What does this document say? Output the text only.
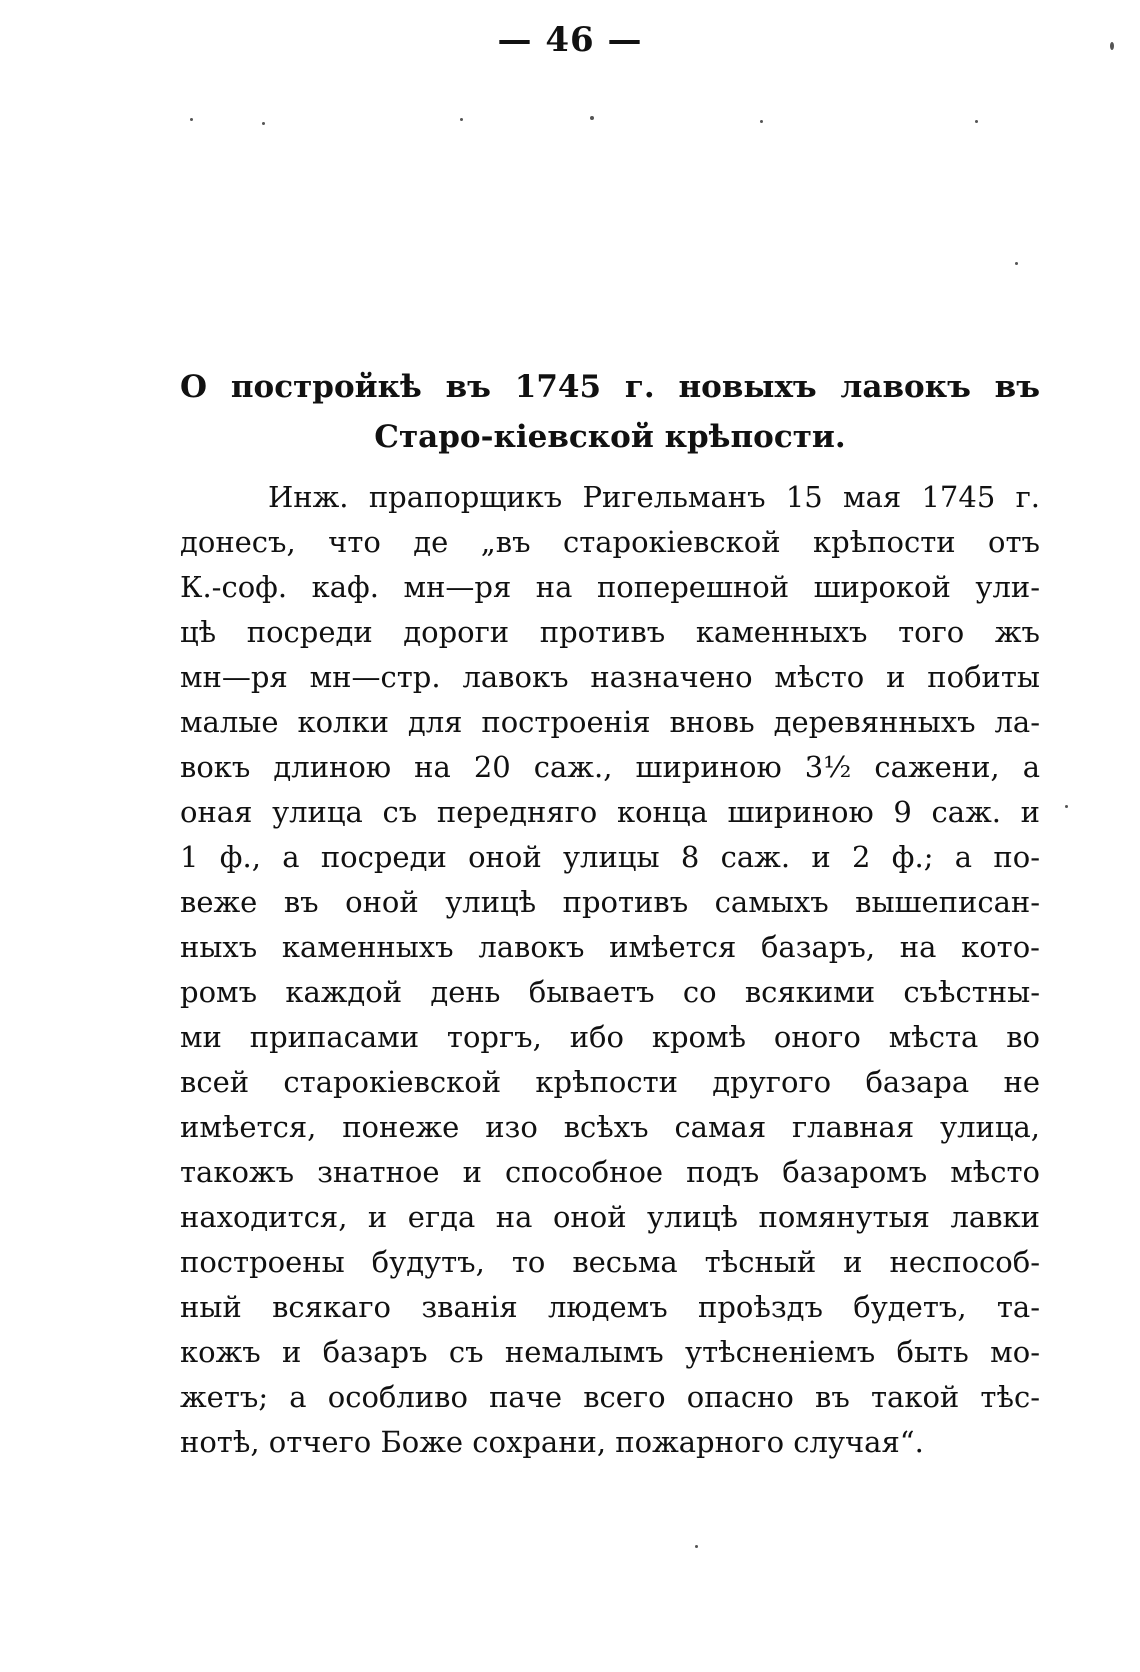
— 46 —
О постройкѣ въ 1745 г. новыхъ лавокъ въ
Старо-кіевской крѣпости.
Инж. прапорщикъ Ригельманъ 15 мая 1745 г.
донесъ, что де „въ старокіевской крѣпости отъ
К.-соф. каф. мн—ря на поперешной широкой ули-
цѣ посреди дороги противъ каменныхъ того жъ
мн—ря мн—стр. лавокъ назначено мѣсто и побиты
малые колки для построенія вновь деревянныхъ ла-
вокъ длиною на 20 саж., шириною 3½ сажени, а
оная улица съ передняго конца шириною 9 саж. и
1 ф., а посреди оной улицы 8 саж. и 2 ф.; а по-
веже въ оной улицѣ противъ самыхъ вышеписан-
ныхъ каменныхъ лавокъ имѣется базаръ, на кото-
ромъ каждой день бываетъ со всякими съѣстны-
ми припасами торгъ, ибо кромѣ оного мѣста во
всей старокіевской крѣпости другого базара не
имѣется, понеже изо всѣхъ самая главная улица,
такожъ знатное и способное подъ базаромъ мѣсто
находится, и егда на оной улицѣ помянутыя лавки
построены будутъ, то весьма тѣсный и неспособ-
ный всякаго званія людемъ проѣздъ будетъ, та-
кожъ и базаръ съ немалымъ утѣсненіемъ быть мо-
жетъ; а особливо паче всего опасно въ такой тѣс-
нотѣ, отчего Боже сохрани, пожарного случая“.
